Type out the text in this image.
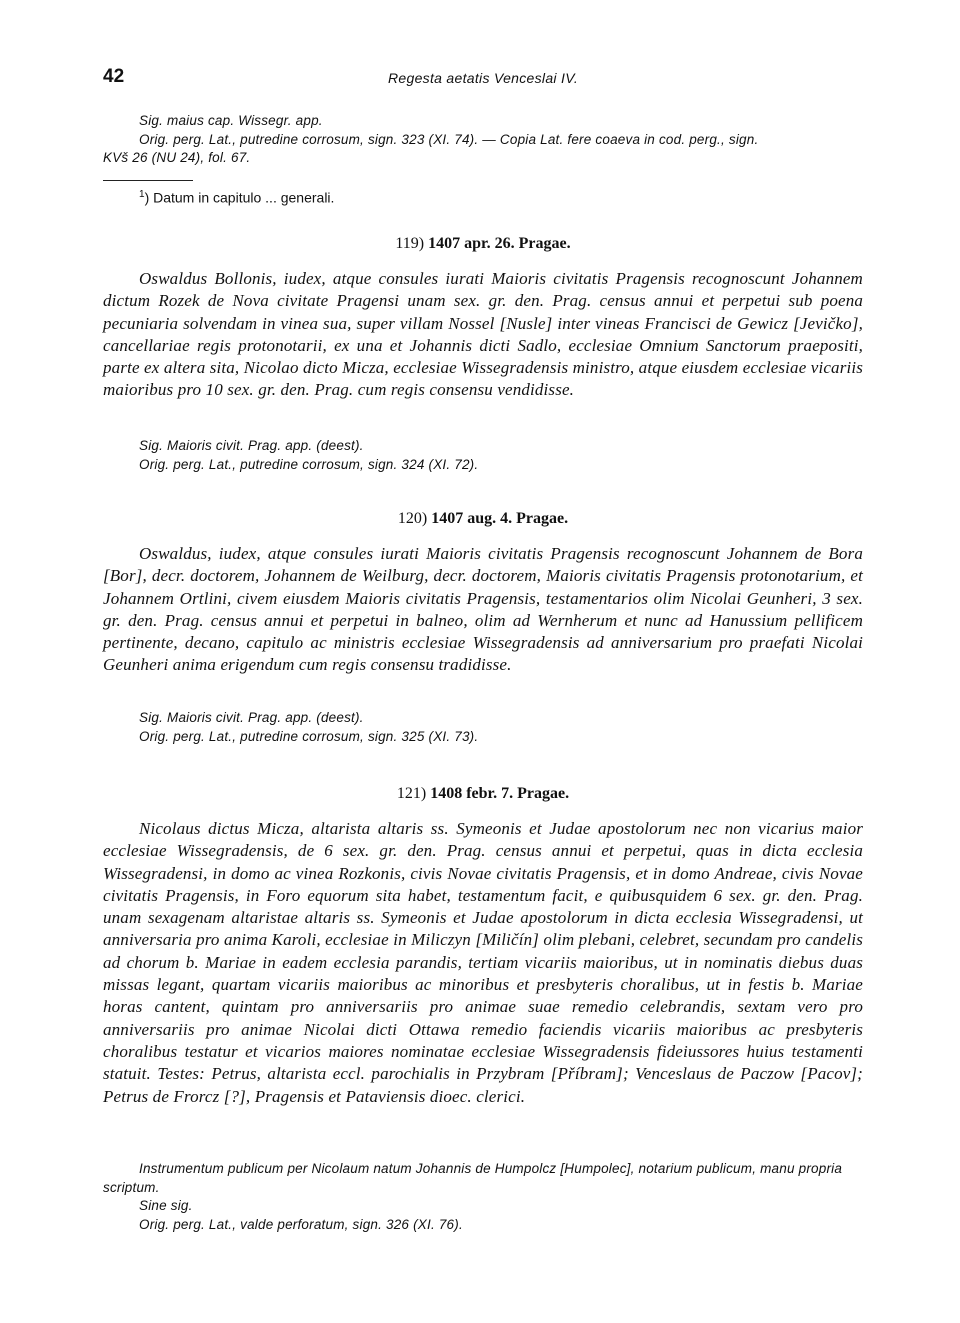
42	Regesta aetatis Venceslai IV.
Sig. maius cap. Wissegr. app.
Orig. perg. Lat., putredine corrosum, sign. 323 (XI. 74). — Copia Lat. fere coaeva in cod. perg., sign.
KVš 26 (NU 24), fol. 67.
$^1$) Datum in capitulo ... generali.
119) 1407 apr. 26. Pragae.
Oswaldus Bollonis, iudex, atque consules iurati Maioris civitatis Pragensis recognoscunt Johannem dictum Rozek de Nova civitate Pragensi unam sex. gr. den. Prag. census annui et perpetui sub poena pecuniaria solvendam in vinea sua, super villam Nossel [Nusle] inter vineas Francisci de Gewicz [Jevičko], cancellariae regis protonotarii, ex una et Johannis dicti Sadlo, ecclesiae Omnium Sanctorum praepositi, parte ex altera sita, Nicolao dicto Micza, ecclesiae Wissegradensis ministro, atque eiusdem ecclesiae vicariis maioribus pro 10 sex. gr. den. Prag. cum regis consensu vendidisse.
Sig. Maioris civit. Prag. app. (deest).
Orig. perg. Lat., putredine corrosum, sign. 324 (XI. 72).
120) 1407 aug. 4. Pragae.
Oswaldus, iudex, atque consules iurati Maioris civitatis Pragensis recognoscunt Johannem de Bora [Bor], decr. doctorem, Johannem de Weilburg, decr. doctorem, Maioris civitatis Pragensis protonotarium, et Johannem Ortlini, civem eiusdem Maioris civitatis Pragensis, testamentarios olim Nicolai Geunheri, 3 sex. gr. den. Prag. census annui et perpetui in balneo, olim ad Wernherum et nunc ad Hanussium pellificem pertinente, decano, capitulo ac ministris ecclesiae Wissegradensis ad anniversarium pro praefati Nicolai Geunheri anima erigendum cum regis consensu tradidisse.
Sig. Maioris civit. Prag. app. (deest).
Orig. perg. Lat., putredine corrosum, sign. 325 (XI. 73).
121) 1408 febr. 7. Pragae.
Nicolaus dictus Micza, altarista altaris ss. Symeonis et Judae apostolorum nec non vicarius maior ecclesiae Wissegradensis, de 6 sex. gr. den. Prag. census annui et perpetui, quas in dicta ecclesia Wissegradensi, in domo ac vinea Rozkonis, civis Novae civitatis Pragensis, et in domo Andreae, civis Novae civitatis Pragensis, in Foro equorum sita habet, testamentum facit, e quibusquidem 6 sex. gr. den. Prag. unam sexagenam altaristae altaris ss. Symeonis et Judae apostolorum in dicta ecclesia Wissegradensi, ut anniversaria pro anima Karoli, ecclesiae in Miliczyn [Miličín] olim plebani, celebret, secundam pro candelis ad chorum b. Mariae in eadem ecclesia parandis, tertiam vicariis maioribus, ut in nominatis diebus duas missas legant, quartam vicariis maioribus ac minoribus et presbyteris choralibus, ut in festis b. Mariae horas cantent, quintam pro anniversariis pro animae suae remedio celebrandis, sextam vero pro anniversariis pro animae Nicolai dicti Ottawa remedio faciendis vicariis maioribus ac presbyteris choralibus testatur et vicarios maiores nominatae ecclesiae Wissegradensis fideiussores huius testamenti statuit. Testes: Petrus, altarista eccl. parochialis in Przybram [Příbram]; Venceslaus de Paczow [Pacov]; Petrus de Frorcz [?], Pragensis et Pataviensis dioec. clerici.
Instrumentum publicum per Nicolaum natum Johannis de Humpolcz [Humpolec], notarium publicum, manu propria scriptum.
Sine sig.
Orig. perg. Lat., valde perforatum, sign. 326 (XI. 76).
